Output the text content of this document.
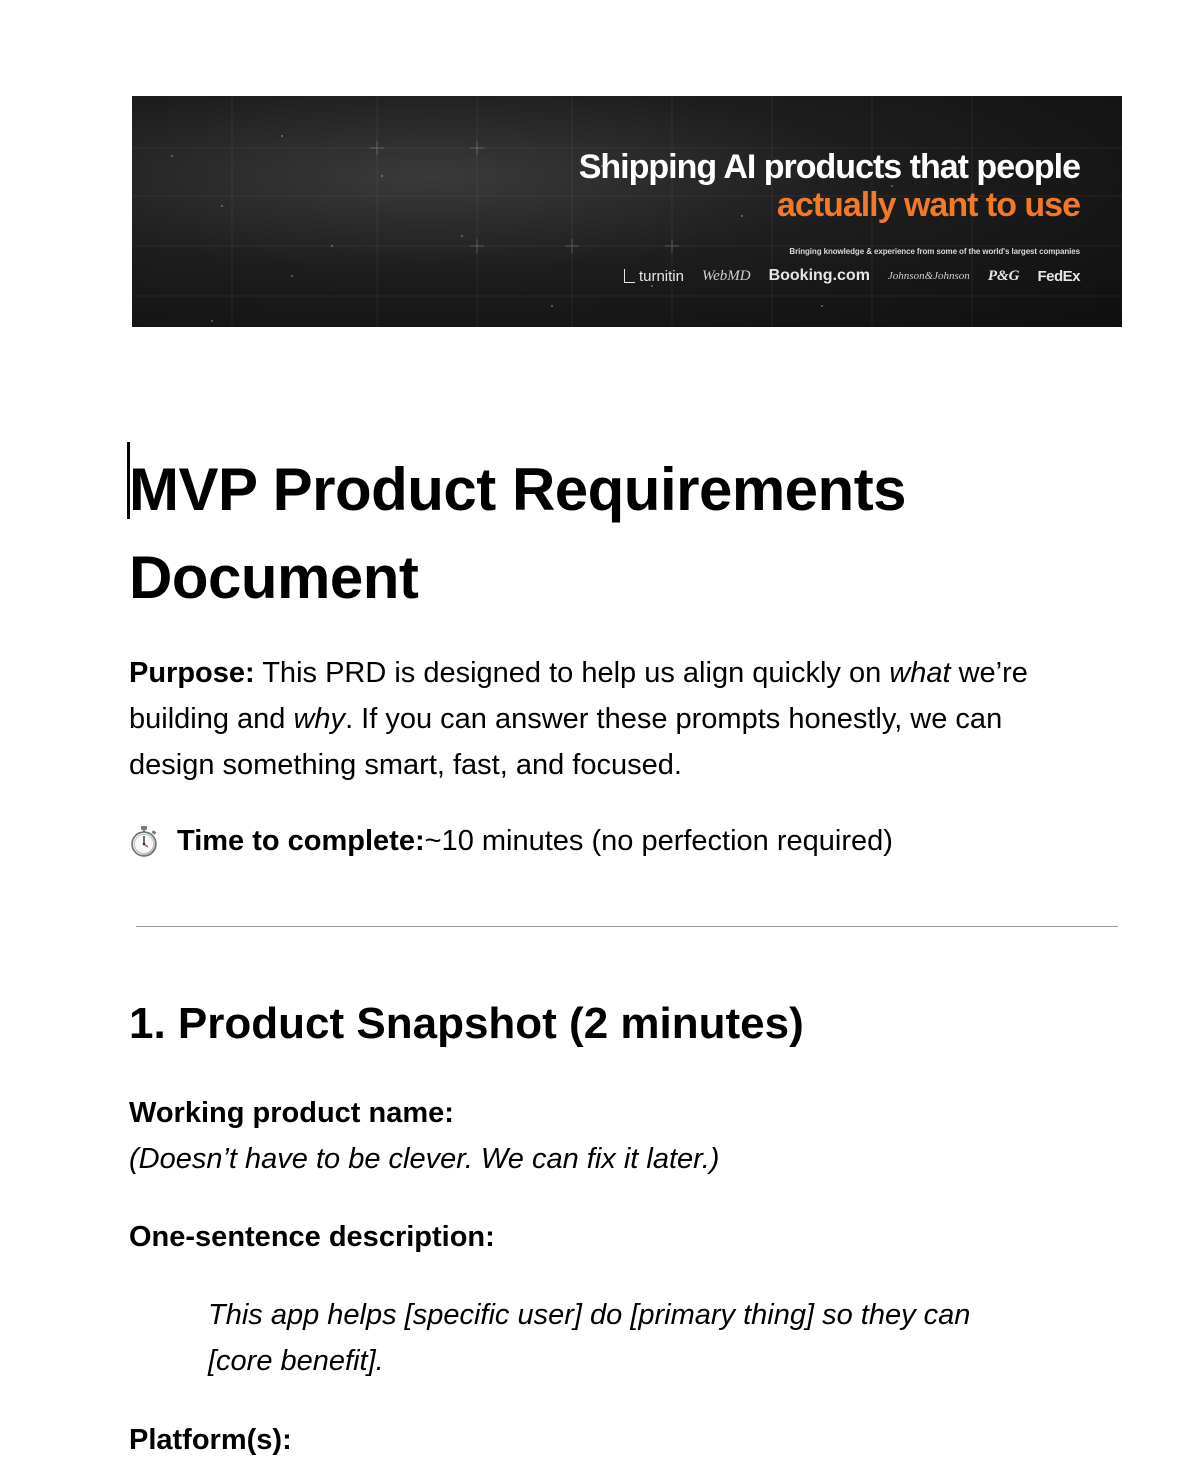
Shipping AI products that people
actually want to use
Bringing knowledge & experience from some of the world's largest companies
turnitin WebMD Booking.com Johnson&Johnson P&G FedEx
MVP Product Requirements Document

Purpose: This PRD is designed to help us align quickly on what we’re building and why. If you can answer these prompts honestly, we can design something smart, fast, and focused.

Time to complete: ~10 minutes (no perfection required)
1. Product Snapshot (2 minutes)
Working product name:
(Doesn’t have to be clever. We can fix it later.)
One-sentence description:
This app helps [specific user] do [primary thing] so they can [core benefit].
Platform(s):
